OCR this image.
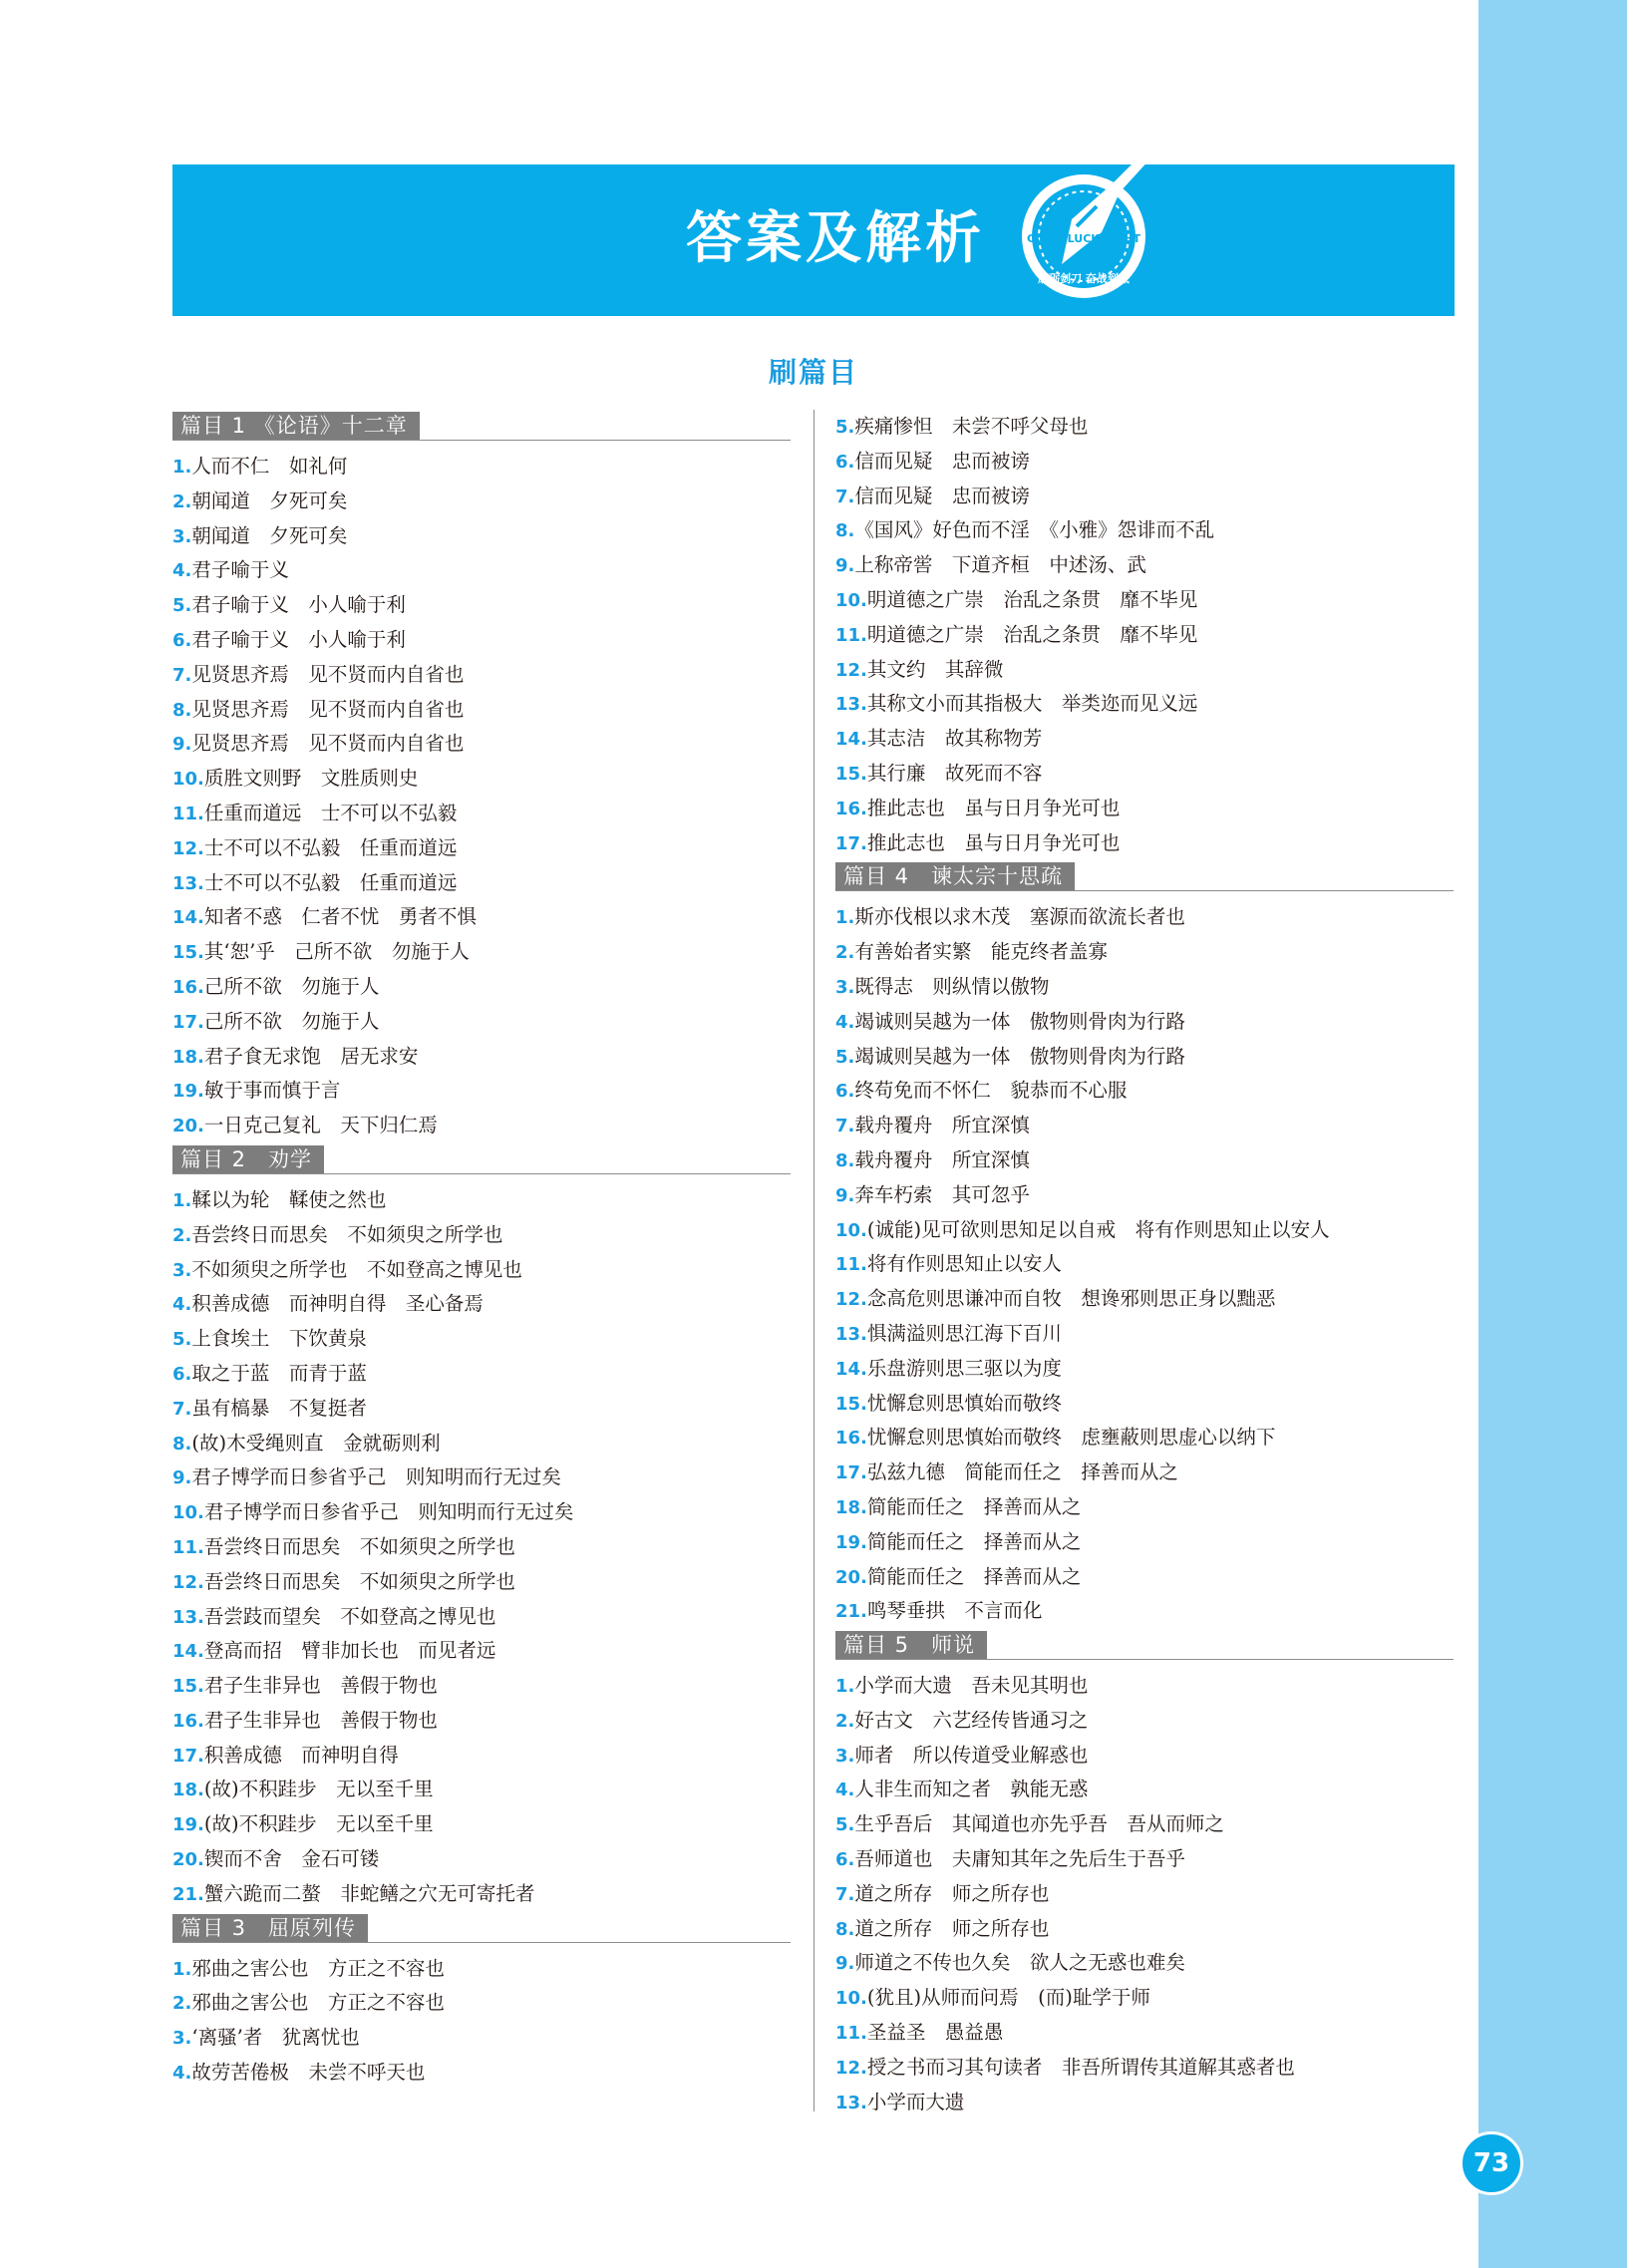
答案及解析	GOOD LUCK FIGHT
磨砺剑刀 奋战到底
刷篇目
篇目 1 《论语》十二章
1.人而不仁　如礼何
2.朝闻道　夕死可矣
3.朝闻道　夕死可矣
4.君子喻于义
5.君子喻于义　小人喻于利
6.君子喻于义　小人喻于利
7.见贤思齐焉　见不贤而内自省也
8.见贤思齐焉　见不贤而内自省也
9.见贤思齐焉　见不贤而内自省也
10.质胜文则野　文胜质则史
11.任重而道远　士不可以不弘毅
12.士不可以不弘毅　任重而道远
13.士不可以不弘毅　任重而道远
14.知者不惑　仁者不忧　勇者不惧
15.其‘恕’乎　己所不欲　勿施于人
16.己所不欲　勿施于人
17.己所不欲　勿施于人
18.君子食无求饱　居无求安
19.敏于事而慎于言
20.一日克己复礼　天下归仁焉
篇目 2　劝学
1.鞣以为轮　鞣使之然也
2.吾尝终日而思矣　不如须臾之所学也
3.不如须臾之所学也　不如登高之博见也
4.积善成德　而神明自得　圣心备焉
5.上食埃土　下饮黄泉
6.取之于蓝　而青于蓝
7.虽有槁暴　不复挺者
8.(故)木受绳则直　金就砺则利
9.君子博学而日参省乎己　则知明而行无过矣
10.君子博学而日参省乎己　则知明而行无过矣
11.吾尝终日而思矣　不如须臾之所学也
12.吾尝终日而思矣　不如须臾之所学也
13.吾尝跂而望矣　不如登高之博见也
14.登高而招　臂非加长也　而见者远
15.君子生非异也　善假于物也
16.君子生非异也　善假于物也
17.积善成德　而神明自得
18.(故)不积跬步　无以至千里
19.(故)不积跬步　无以至千里
20.锲而不舍　金石可镂
21.蟹六跪而二螯　非蛇鳝之穴无可寄托者
篇目 3　屈原列传
1.邪曲之害公也　方正之不容也
2.邪曲之害公也　方正之不容也
3.‘离骚’者　犹离忧也
4.故劳苦倦极　未尝不呼天也
5.疾痛惨怛　未尝不呼父母也
6.信而见疑　忠而被谤
7.信而见疑　忠而被谤
8.《国风》好色而不淫　《小雅》怨诽而不乱
9.上称帝喾　下道齐桓　中述汤、武
10.明道德之广崇　治乱之条贯　靡不毕见
11.明道德之广崇　治乱之条贯　靡不毕见
12.其文约　其辞微
13.其称文小而其指极大　举类迩而见义远
14.其志洁　故其称物芳
15.其行廉　故死而不容
16.推此志也　虽与日月争光可也
17.推此志也　虽与日月争光可也
篇目 4　谏太宗十思疏
1.斯亦伐根以求木茂　塞源而欲流长者也
2.有善始者实繁　能克终者盖寡
3.既得志　则纵情以傲物
4.竭诚则吴越为一体　傲物则骨肉为行路
5.竭诚则吴越为一体　傲物则骨肉为行路
6.终苟免而不怀仁　貌恭而不心服
7.载舟覆舟　所宜深慎
8.载舟覆舟　所宜深慎
9.奔车朽索　其可忽乎
10.(诚能)见可欲则思知足以自戒　将有作则思知止以安人
11.将有作则思知止以安人
12.念高危则思谦冲而自牧　想谗邪则思正身以黜恶
13.惧满溢则思江海下百川
14.乐盘游则思三驱以为度
15.忧懈怠则思慎始而敬终
16.忧懈怠则思慎始而敬终　虑壅蔽则思虚心以纳下
17.弘兹九德　简能而任之　择善而从之
18.简能而任之　择善而从之
19.简能而任之　择善而从之
20.简能而任之　择善而从之
21.鸣琴垂拱　不言而化
篇目 5　师说
1.小学而大遗　吾未见其明也
2.好古文　六艺经传皆通习之
3.师者　所以传道受业解惑也
4.人非生而知之者　孰能无惑
5.生乎吾后　其闻道也亦先乎吾　吾从而师之
6.吾师道也　夫庸知其年之先后生于吾乎
7.道之所存　师之所存也
8.道之所存　师之所存也
9.师道之不传也久矣　欲人之无惑也难矣
10.(犹且)从师而问焉　(而)耻学于师
11.圣益圣　愚益愚
12.授之书而习其句读者　非吾所谓传其道解其惑者也
13.小学而大遗
73
